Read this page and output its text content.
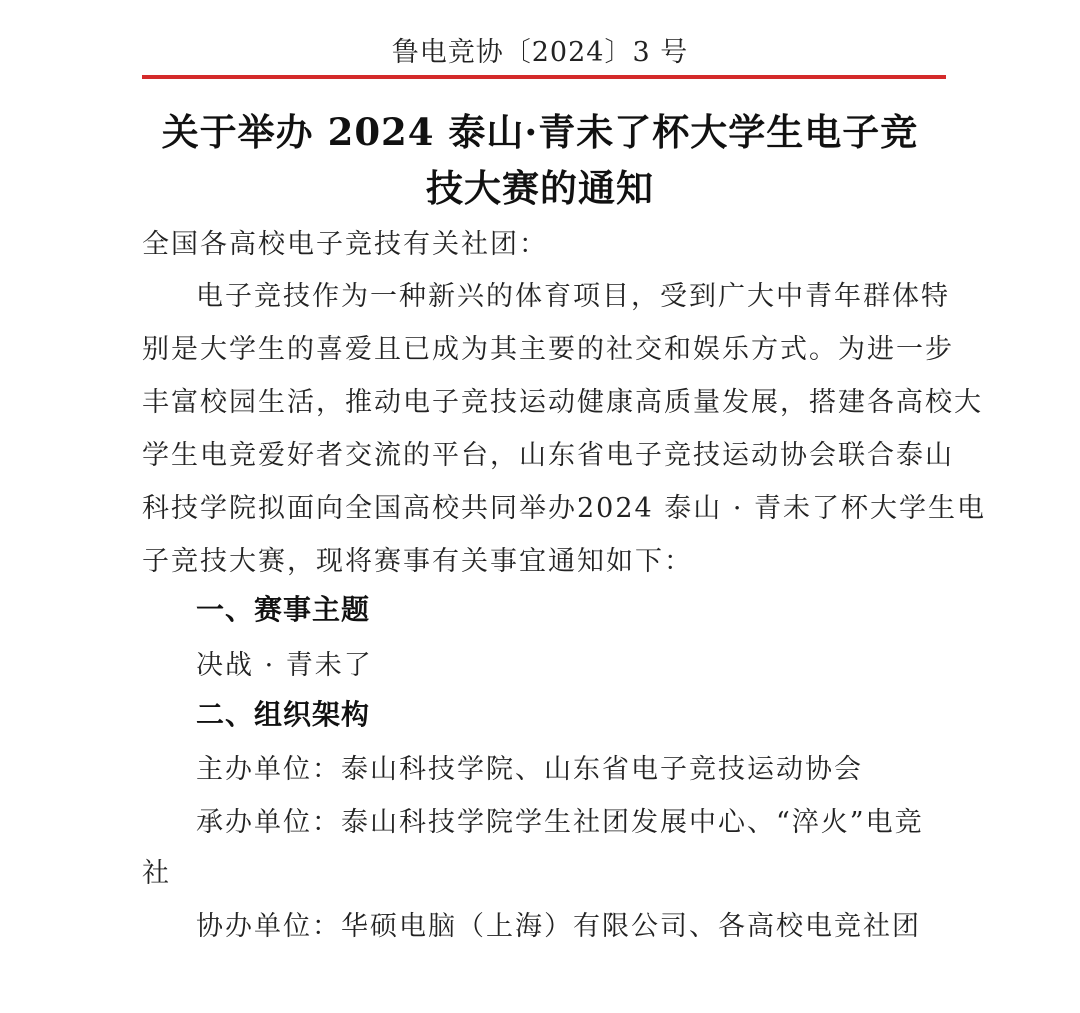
鲁电竞协〔2024〕3 号
关于举办 2024 泰山·青未了杯大学生电子竞
技大赛的通知
全国各高校电子竞技有关社团：
电子竞技作为一种新兴的体育项目，受到广大中青年群体特
别是大学生的喜爱且已成为其主要的社交和娱乐方式。为进一步
丰富校园生活，推动电子竞技运动健康高质量发展，搭建各高校大
学生电竞爱好者交流的平台，山东省电子竞技运动协会联合泰山
科技学院拟面向全国高校共同举办2024 泰山 · 青未了杯大学生电
子竞技大赛，现将赛事有关事宜通知如下：
一、赛事主题
决战 · 青未了
二、组织架构
主办单位：泰山科技学院、山东省电子竞技运动协会
承办单位：泰山科技学院学生社团发展中心、“淬火”电竞
社
协办单位：华硕电脑（上海）有限公司、各高校电竞社团
